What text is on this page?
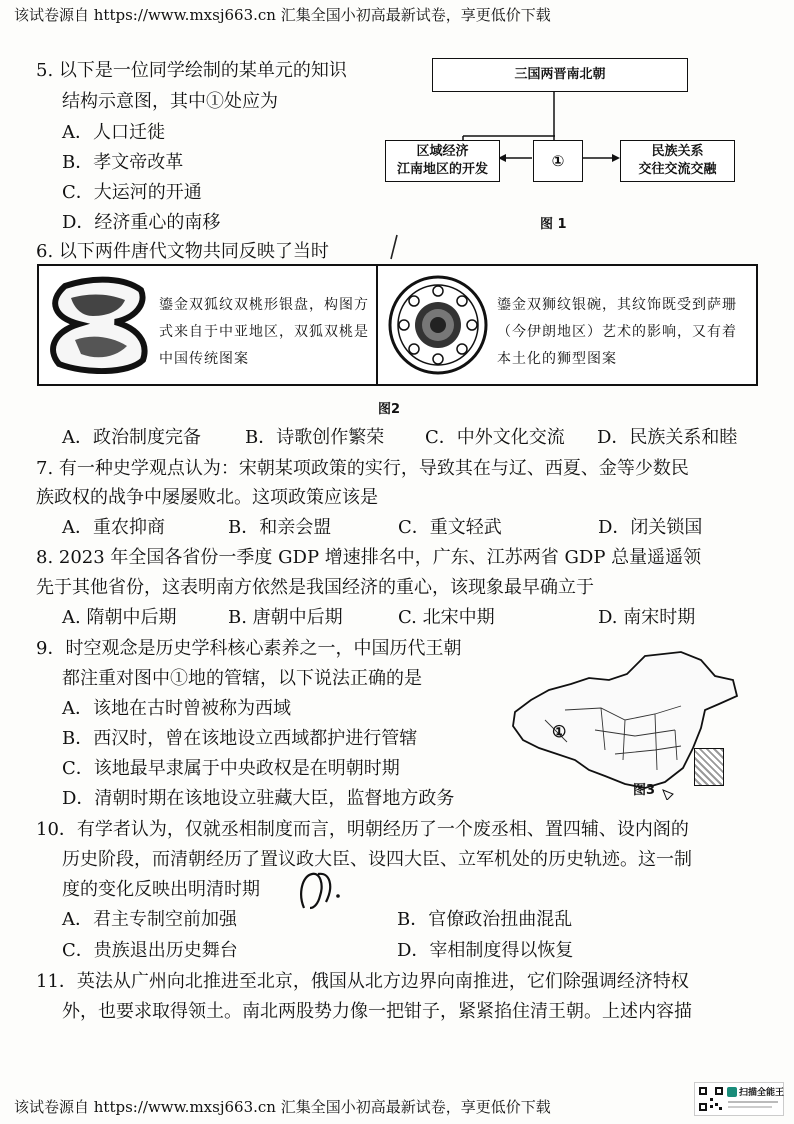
该试卷源自 https://www.mxsj663.cn 汇集全国小初高最新试卷，享更低价下载
5. 以下是一位同学绘制的某单元的知识
结构示意图，其中①处应为
A．人口迁徙
B．孝文帝改革
C．大运河的开通
D．经济重心的南移
三国两晋南北朝
区域经济
江南地区的开发	①
民族关系
交往交流交融
图 1
6. 以下两件唐代文物共同反映了当时
鎏金双狐纹双桃形银盘，构图方式来自于中亚地区，双狐双桃是中国传统图案
鎏金双狮纹银碗，其纹饰既受到萨珊（今伊朗地区）艺术的影响，又有着本土化的狮型图案
图2
A．政治制度完备 B．诗歌创作繁荣 C．中外文化交流 D．民族关系和睦
7. 有一种史学观点认为：宋朝某项政策的实行，导致其在与辽、西夏、金等少数民
族政权的战争中屡屡败北。这项政策应该是
A．重农抑商	B．和亲会盟	C．重文轻武	D．闭关锁国
8. 2023 年全国各省份一季度 GDP 增速排名中，广东、江苏两省 GDP 总量遥遥领
先于其他省份，这表明南方依然是我国经济的重心，该现象最早确立于
A. 隋朝中后期	B. 唐朝中后期	C. 北宋中期	D. 南宋时期
9．时空观念是历史学科核心素养之一，中国历代王朝
都注重对图中①地的管辖，以下说法正确的是
A．该地在古时曾被称为西域
B．西汉时，曾在该地设立西域都护进行管辖
C．该地最早隶属于中央政权是在明朝时期
D．清朝时期在该地设立驻藏大臣，监督地方政务
①
图3
10．有学者认为，仅就丞相制度而言，明朝经历了一个废丞相、置四辅、设内阁的
历史阶段，而清朝经历了置议政大臣、设四大臣、立军机处的历史轨迹。这一制
度的变化反映出明清时期
A．君主专制空前加强	B．官僚政治扭曲混乱
C．贵族退出历史舞台	D．宰相制度得以恢复
11．英法从广州向北推进至北京，俄国从北方边界向南推进，它们除强调经济特权
外，也要求取得领土。南北两股势力像一把钳子，紧紧掐住清王朝。上述内容描
该试卷源自 https://www.mxsj663.cn 汇集全国小初高最新试卷，享更低价下载
扫描全能王
